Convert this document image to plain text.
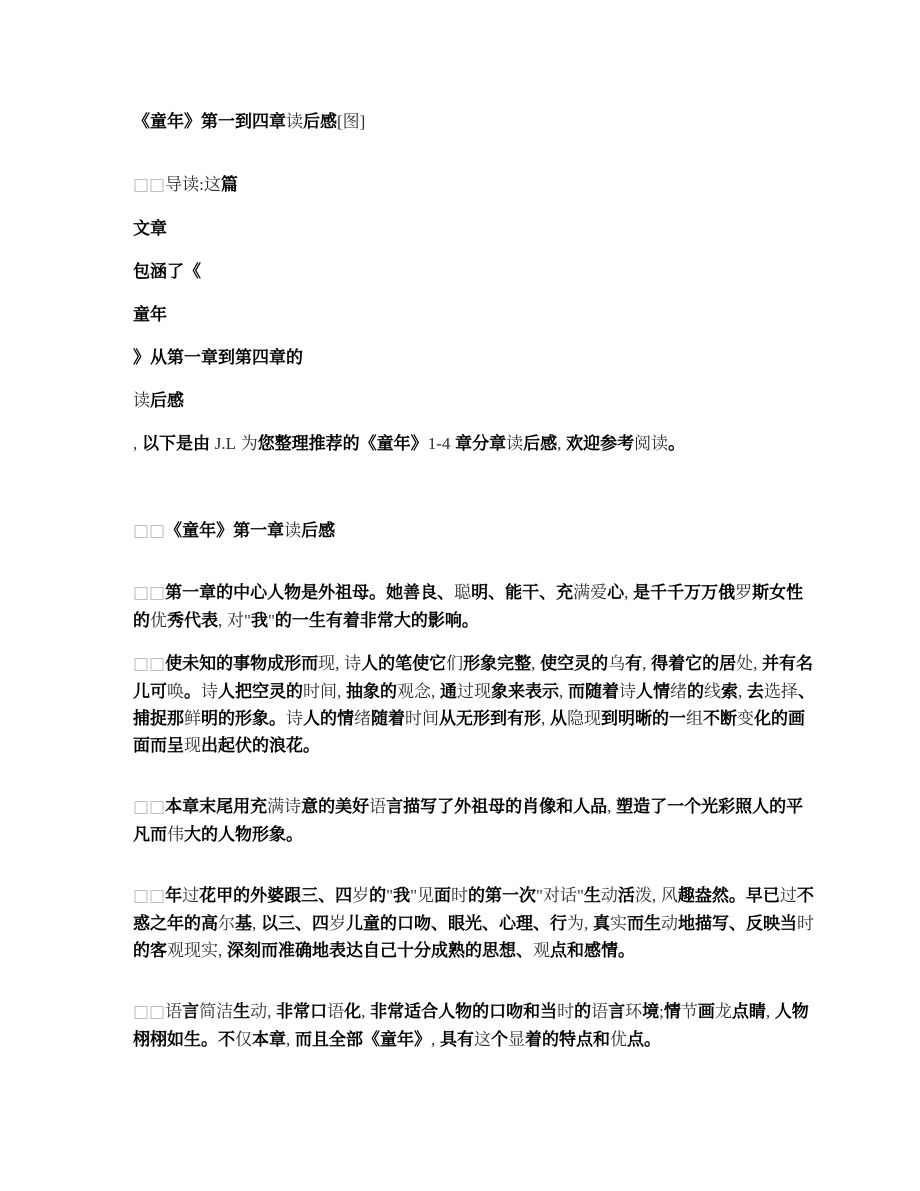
《童年》第一到四章读后感[图]

□□导读:这篇

文章

包涵了《

童年

》从第一章到第四章的

读后感

, 以下是由 J.L 为您整理推荐的《童年》1-4 章分章读后感, 欢迎参考阅读。

□□《童年》第一章读后感

□□第一章的中心人物是外祖母。她善良、聪明、能干、充满爱心, 是千千万万俄罗斯女性的优秀代表, 对"我"的一生有着非常大的影响。

□□使未知的事物成形而现, 诗人的笔使它们形象完整, 使空灵的乌有, 得着它的居处, 并有名儿可唤。诗人把空灵的时间, 抽象的观念, 通过现象来表示, 而随着诗人情绪的线索, 去选择、捕捉那鲜明的形象。诗人的情绪随着时间从无形到有形, 从隐现到明晰的一组不断变化的画面而呈现出起伏的浪花。

□□本章末尾用充满诗意的美好语言描写了外祖母的肖像和人品, 塑造了一个光彩照人的平凡而伟大的人物形象。

□□年过花甲的外婆跟三、四岁的"我"见面时的第一次"对话"生动活泼, 风趣盎然。早已过不惑之年的高尔基, 以三、四岁儿童的口吻、眼光、心理、行为, 真实而生动地描写、反映当时的客观现实, 深刻而准确地表达自己十分成熟的思想、观点和感情。

□□语言简洁生动, 非常口语化, 非常适合人物的口吻和当时的语言环境;情节画龙点睛, 人物栩栩如生。不仅本章, 而且全部《童年》, 具有这个显着的特点和优点。
